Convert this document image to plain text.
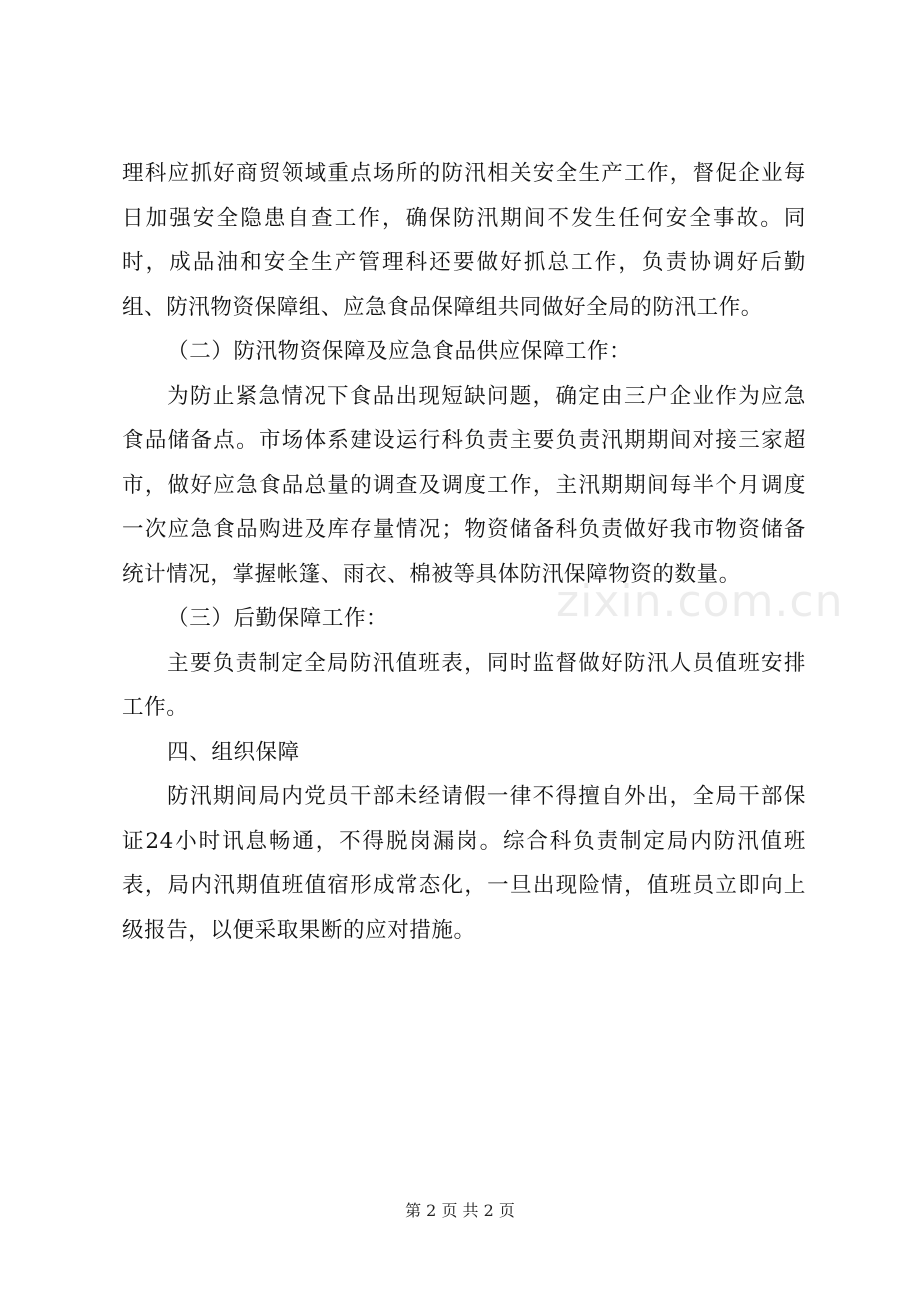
理科应抓好商贸领域重点场所的防汛相关安全生产工作，督促企业每日加强安全隐患自查工作，确保防汛期间不发生任何安全事故。同时，成品油和安全生产管理科还要做好抓总工作，负责协调好后勤组、防汛物资保障组、应急食品保障组共同做好全局的防汛工作。

（二）防汛物资保障及应急食品供应保障工作：

为防止紧急情况下食品出现短缺问题，确定由三户企业作为应急食品储备点。市场体系建设运行科负责主要负责汛期期间对接三家超市，做好应急食品总量的调查及调度工作，主汛期期间每半个月调度一次应急食品购进及库存量情况；物资储备科负责做好我市物资储备统计情况，掌握帐篷、雨衣、棉被等具体防汛保障物资的数量。

（三）后勤保障工作：

主要负责制定全局防汛值班表，同时监督做好防汛人员值班安排工作。

四、组织保障

防汛期间局内党员干部未经请假一律不得擅自外出，全局干部保证24小时讯息畅通，不得脱岗漏岗。综合科负责制定局内防汛值班表，局内汛期值班值宿形成常态化，一旦出现险情，值班员立即向上级报告，以便采取果断的应对措施。

zixin.com.cn
第 2 页 共 2 页
